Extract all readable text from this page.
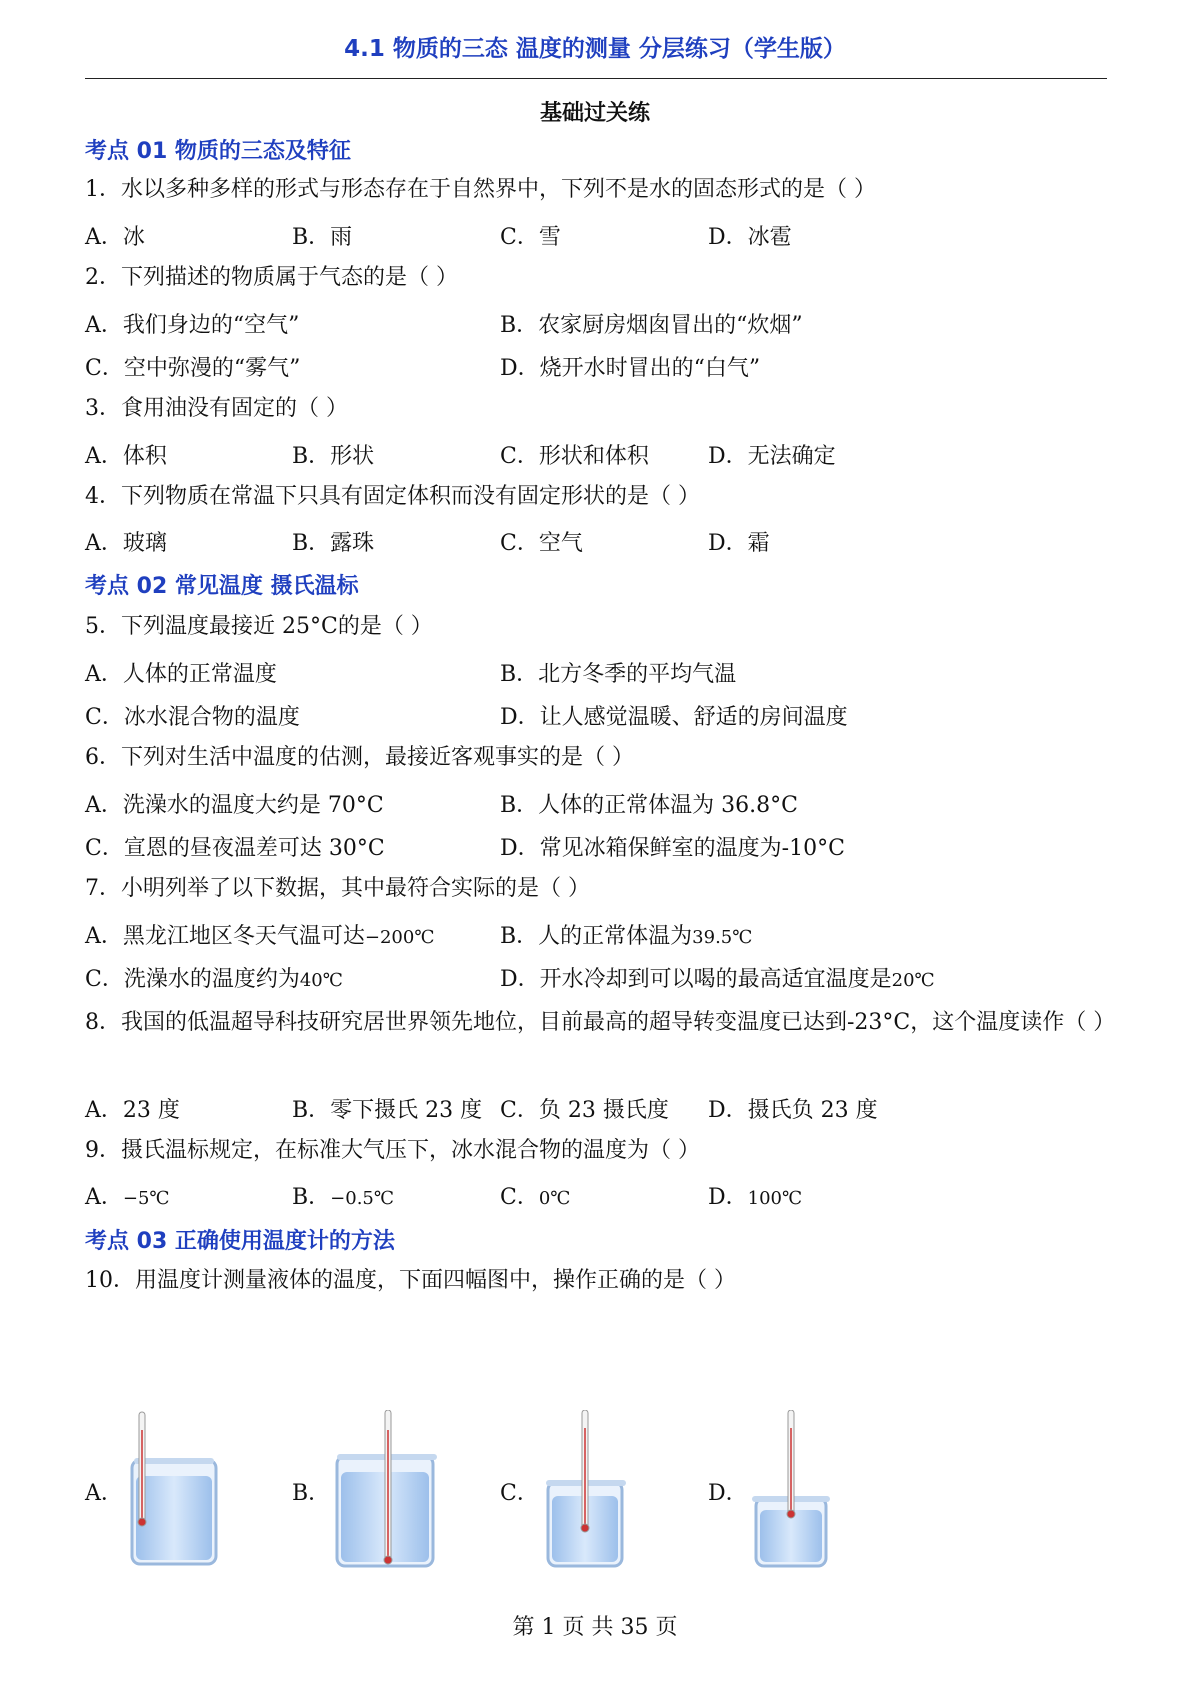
4.1 物质的三态 温度的测量 分层练习（学生版）
基础过关练
考点 01 物质的三态及特征
1．水以多种多样的形式与形态存在于自然界中，下列不是水的固态形式的是（ ）
A．冰	B．雨	C．雪	D．冰雹
2．下列描述的物质属于气态的是（ ）
A．我们身边的“空气”	B．农家厨房烟囱冒出的“炊烟”
C．空中弥漫的“雾气”	D．烧开水时冒出的“白气”
3．食用油没有固定的（ ）
A．体积	B．形状	C．形状和体积	D．无法确定
4．下列物质在常温下只具有固定体积而没有固定形状的是（ ）
A．玻璃	B．露珠	C．空气	D．霜
考点 02 常见温度 摄氏温标
5．下列温度最接近 25°C的是（ ）
A．人体的正常温度	B．北方冬季的平均气温
C．冰水混合物的温度	D．让人感觉温暖、舒适的房间温度
6．下列对生活中温度的估测，最接近客观事实的是（ ）
A．洗澡水的温度大约是 70°C	B．人体的正常体温为 36.8°C
C．宣恩的昼夜温差可达 30°C	D．常见冰箱保鲜室的温度为-10°C
7．小明列举了以下数据，其中最符合实际的是（ ）
A．黑龙江地区冬天气温可达−200℃	B．人的正常体温为39.5℃
C．洗澡水的温度约为40℃	D．开水冷却到可以喝的最高适宜温度是20℃
8．我国的低温超导科技研究居世界领先地位，目前最高的超导转变温度已达到-23°C，这个温度读作（ ）
A．23 度	B．零下摄氏 23 度 C．负 23 摄氏度 D．摄氏负 23 度
9．摄氏温标规定，在标准大气压下，冰水混合物的温度为（ ）
A．−5℃	B．−0.5℃	C．0℃	D．100℃
考点 03 正确使用温度计的方法
10．用温度计测量液体的温度，下面四幅图中，操作正确的是（ ）
A．	B．	C．	D．
第 1 页 共 35 页
